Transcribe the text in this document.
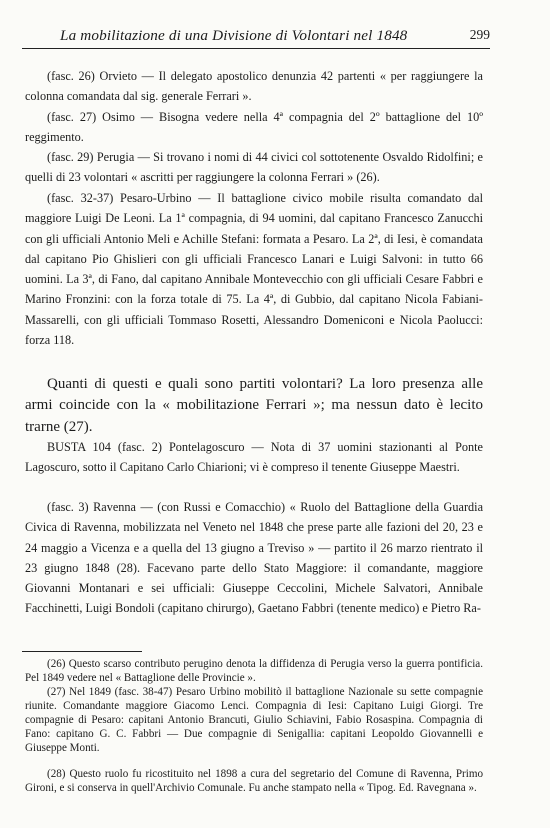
La mobilitazione di una Divisione di Volontari nel 1848	299
(fasc. 26) Orvieto — Il delegato apostolico denunzia 42 partenti « per raggiungere la colonna comandata dal sig. generale Ferrari ».
(fasc. 27) Osimo — Bisogna vedere nella 4ª compagnia del 2º battaglione del 10º reggimento.
(fasc. 29) Perugia — Si trovano i nomi di 44 civici col sottotenente Osvaldo Ridolfini; e quelli di 23 volontari « ascritti per raggiungere la colonna Ferrari » (26).
(fasc. 32-37) Pesaro-Urbino — Il battaglione civico mobile risulta comandato dal maggiore Luigi De Leoni. La 1ª compagnia, di 94 uomini, dal capitano Francesco Zanucchi con gli ufficiali Antonio Meli e Achille Stefani: formata a Pesaro. La 2ª, di Iesi, è comandata dal capitano Pio Ghislieri con gli ufficiali Francesco Lanari e Luigi Salvoni: in tutto 66 uomini. La 3ª, di Fano, dal capitano Annibale Montevecchio con gli ufficiali Cesare Fabbri e Marino Fronzini: con la forza totale di 75. La 4ª, di Gubbio, dal capitano Nicola Fabiani-Massarelli, con gli ufficiali Tommaso Rosetti, Alessandro Domeniconi e Nicola Paolucci: forza 118.
Quanti di questi e quali sono partiti volontari? La loro presenza alle armi coincide con la « mobilitazione Ferrari »; ma nessun dato è lecito trarne (27).
BUSTA 104 (fasc. 2) Pontelagoscuro — Nota di 37 uomini stazionanti al Ponte Lagoscuro, sotto il Capitano Carlo Chiarioni; vi è compreso il tenente Giuseppe Maestri.
(fasc. 3) Ravenna — (con Russi e Comacchio) « Ruolo del Battaglione della Guardia Civica di Ravenna, mobilizzata nel Veneto nel 1848 che prese parte alle fazioni del 20, 23 e 24 maggio a Vicenza e a quella del 13 giugno a Treviso » — partito il 26 marzo rientrato il 23 giugno 1848 (28). Facevano parte dello Stato Maggiore: il comandante, maggiore Giovanni Montanari e sei ufficiali: Giuseppe Ceccolini, Michele Salvatori, Annibale Facchinetti, Luigi Bondoli (capitano chirurgo), Gaetano Fabbri (tenente medico) e Pietro Ra-
(26) Questo scarso contributo perugino denota la diffidenza di Perugia verso la guerra pontificia. Pel 1849 vedere nel « Battaglione delle Provincie ».
(27) Nel 1849 (fasc. 38-47) Pesaro Urbino mobilitò il battaglione Nazionale su sette compagnie riunite. Comandante maggiore Giacomo Lenci. Compagnia di Iesi: Capitano Luigi Giorgi. Tre compagnie di Pesaro: capitani Antonio Brancuti, Giulio Schiavini, Fabio Rosaspina. Compagnia di Fano: capitano G. C. Fabbri — Due compagnie di Senigallia: capitani Leopoldo Giovannelli e Giuseppe Monti.
(28) Questo ruolo fu ricostituito nel 1898 a cura del segretario del Comune di Ravenna, Primo Gironi, e si conserva in quell'Archivio Comunale. Fu anche stampato nella « Tipog. Ed. Ravegnana ».
